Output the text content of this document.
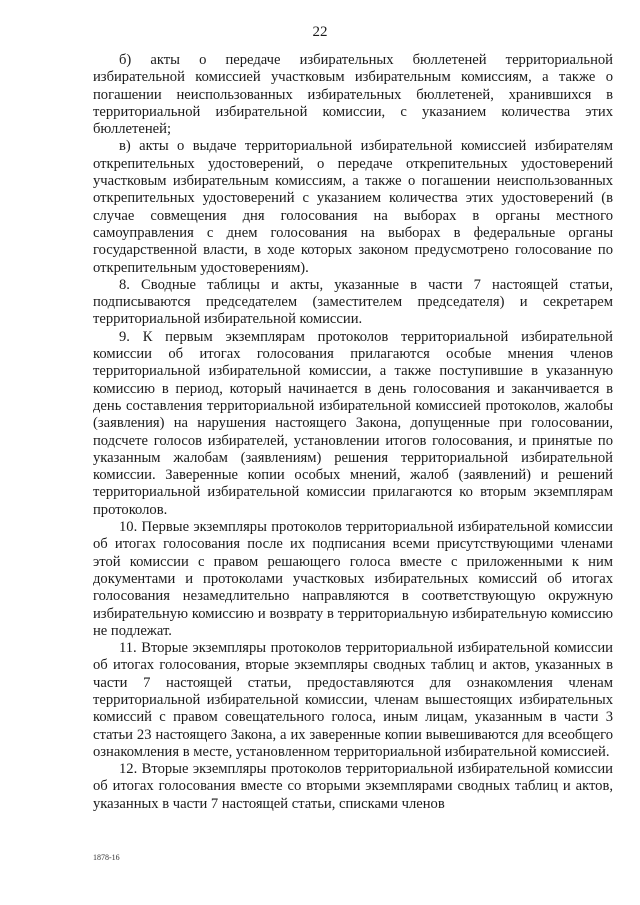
22

б) акты о передаче избирательных бюллетеней территориальной избирательной комиссией участковым избирательным комиссиям, а также о погашении неиспользованных избирательных бюллетеней, хранившихся в территориальной избирательной комиссии, с указанием количества этих бюллетеней;

в) акты о выдаче территориальной избирательной комиссией избирателям открепительных удостоверений, о передаче открепительных удостоверений участковым избирательным комиссиям, а также о погашении неиспользованных открепительных удостоверений с указанием количества этих удостоверений (в случае совмещения дня голосования на выборах в органы местного самоуправления с днем голосования на выборах в федеральные органы государственной власти, в ходе которых законом предусмотрено голосование по открепительным удостоверениям).

8. Сводные таблицы и акты, указанные в части 7 настоящей статьи, подписываются председателем (заместителем председателя) и секретарем территориальной избирательной комиссии.

9. К первым экземплярам протоколов территориальной избирательной комиссии об итогах голосования прилагаются особые мнения членов территориальной избирательной комиссии, а также поступившие в указанную комиссию в период, который начинается в день голосования и заканчивается в день составления территориальной избирательной комиссией протоколов, жалобы (заявления) на нарушения настоящего Закона, допущенные при голосовании, подсчете голосов избирателей, установлении итогов голосования, и принятые по указанным жалобам (заявлениям) решения территориальной избирательной комиссии. Заверенные копии особых мнений, жалоб (заявлений) и решений территориальной избирательной комиссии прилагаются ко вторым экземплярам протоколов.

10. Первые экземпляры протоколов территориальной избирательной комиссии об итогах голосования после их подписания всеми присутствующими членами этой комиссии с правом решающего голоса вместе с приложенными к ним документами и протоколами участковых избирательных комиссий об итогах голосования незамедлительно направляются в соответствующую окружную избирательную комиссию и возврату в территориальную избирательную комиссию не подлежат.

11. Вторые экземпляры протоколов территориальной избирательной комиссии об итогах голосования, вторые экземпляры сводных таблиц и актов, указанных в части 7 настоящей статьи, предоставляются для ознакомления членам территориальной избирательной комиссии, членам вышестоящих избирательных комиссий с правом совещательного голоса, иным лицам, указанным в части 3 статьи 23 настоящего Закона, а их заверенные копии вывешиваются для всеобщего ознакомления в месте, установленном территориальной избирательной комиссией.

12. Вторые экземпляры протоколов территориальной избирательной комиссии об итогах голосования вместе со вторыми экземплярами сводных таблиц и актов, указанных в части 7 настоящей статьи, списками членов

1878-16
